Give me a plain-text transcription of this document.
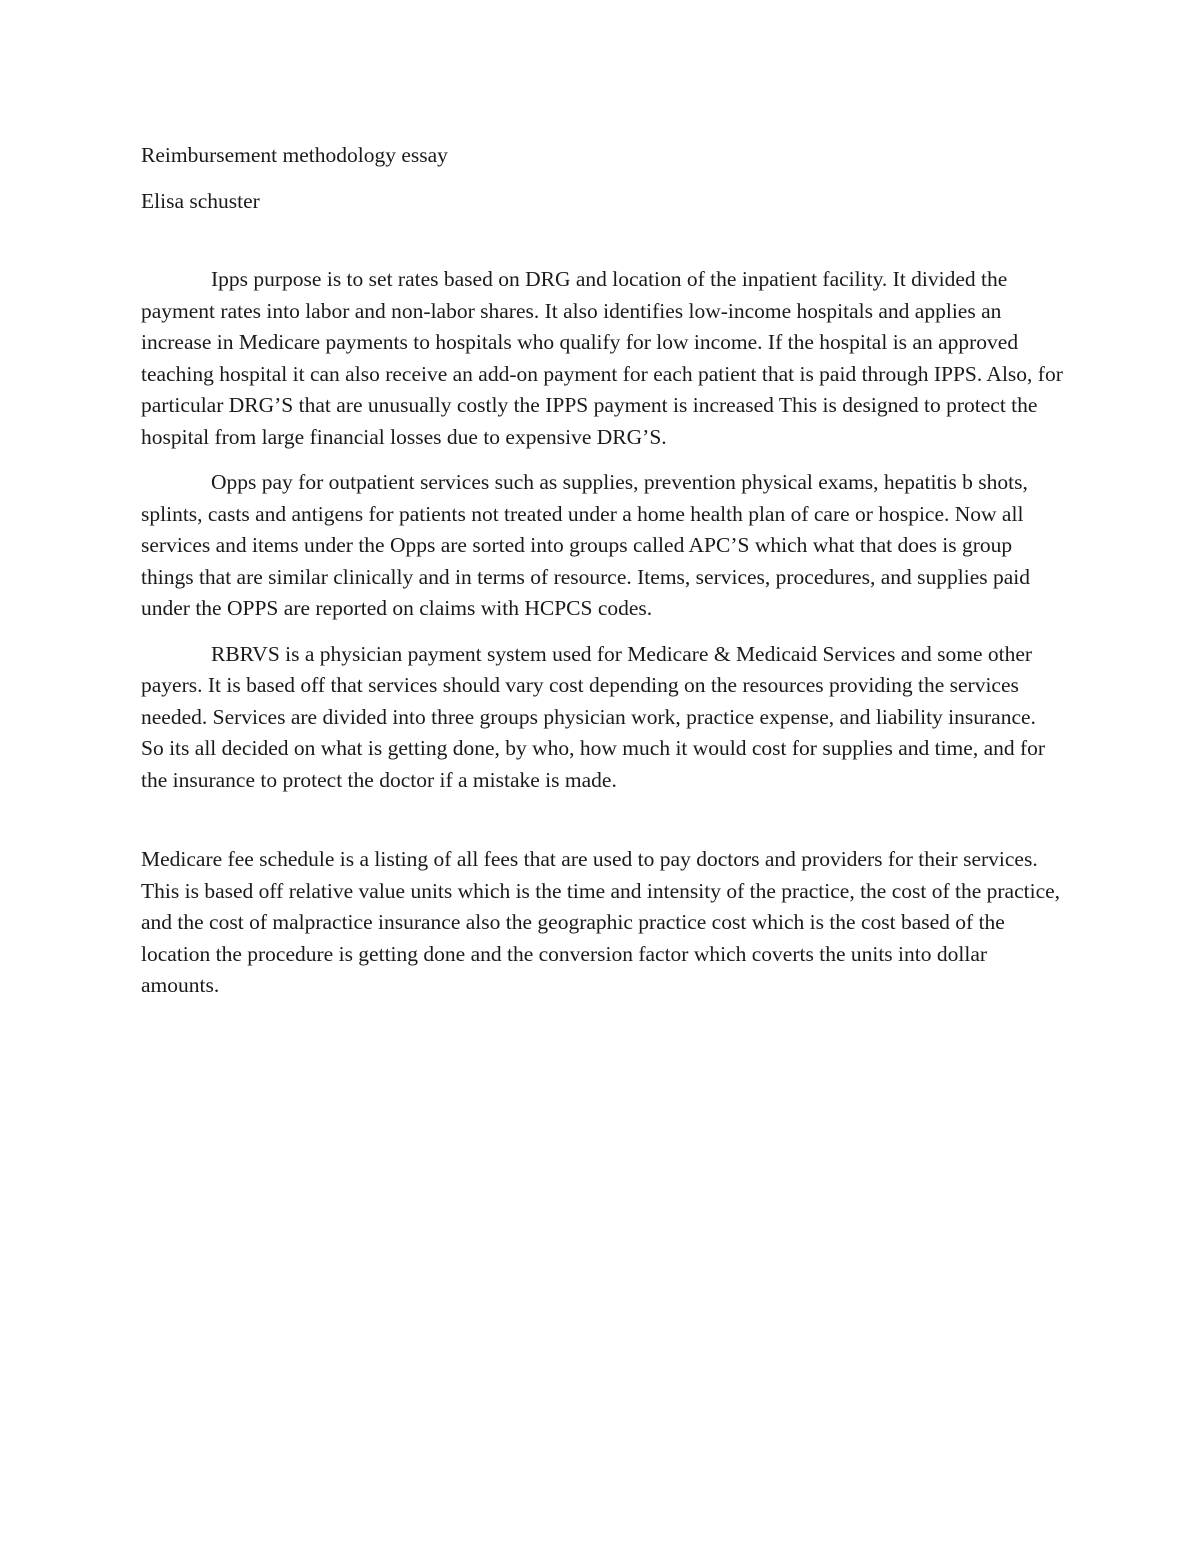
Reimbursement methodology essay

Elisa schuster

Ipps purpose is to set rates based on DRG and location of the inpatient facility. It divided the payment rates into labor and non-labor shares. It also identifies low-income hospitals and applies an increase in Medicare payments to hospitals who qualify for low income. If the hospital is an approved teaching hospital it can also receive an add-on payment for each patient that is paid through IPPS. Also, for particular DRG’S that are unusually costly the IPPS payment is increased This is designed to protect the hospital from large financial losses due to expensive DRG’S.

Opps pay for outpatient services such as supplies, prevention physical exams, hepatitis b shots, splints, casts and antigens for patients not treated under a home health plan of care or hospice. Now all services and items under the Opps are sorted into groups called APC’S which what that does is group things that are similar clinically and in terms of resource. Items, services, procedures, and supplies paid under the OPPS are reported on claims with HCPCS codes.

RBRVS is a physician payment system used for Medicare & Medicaid Services and some other payers. It is based off that services should vary cost depending on the resources providing the services needed. Services are divided into three groups physician work, practice expense, and liability insurance. So its all decided on what is getting done, by who, how much it would cost for supplies and time, and for the insurance to protect the doctor if a mistake is made.

Medicare fee schedule is a listing of all fees that are used to pay doctors and providers for their services. This is based off relative value units which is the time and intensity of the practice, the cost of the practice, and the cost of malpractice insurance also the geographic practice cost which is the cost based of the location the procedure is getting done and the conversion factor which coverts the units into dollar amounts.
